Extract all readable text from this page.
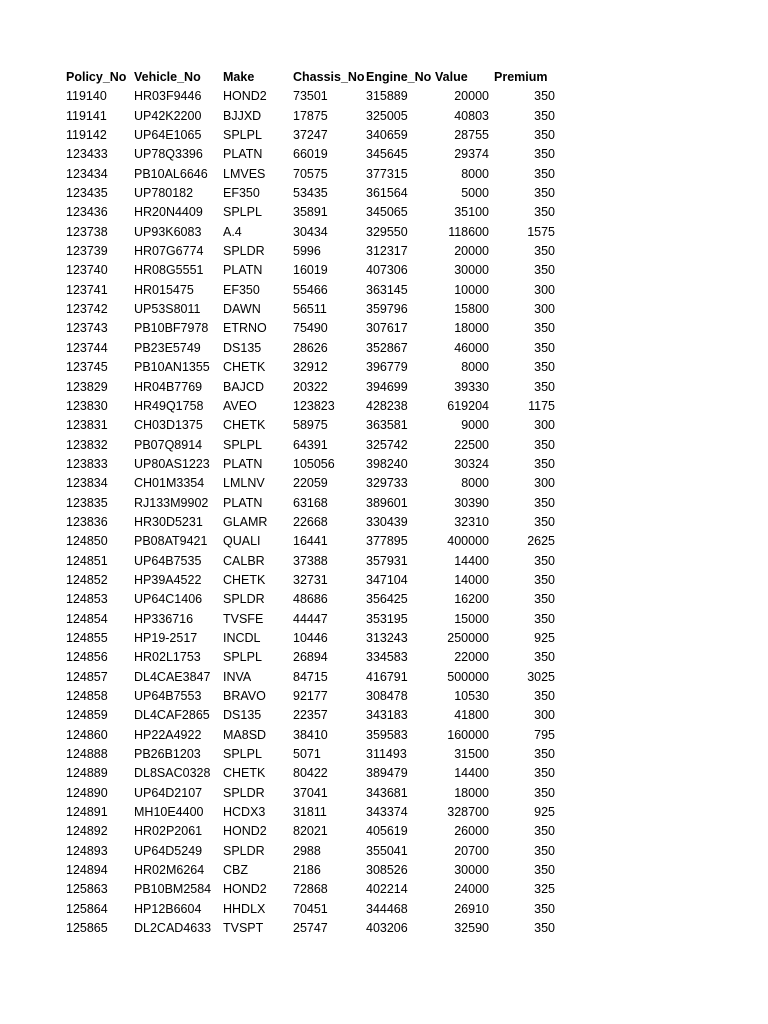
Policy_No	Vehicle_No	Make	Chassis_No	Engine_No	Value	Premium
119140	HR03F9446	HOND2	73501	315889	20000	350
119141	UP42K2200	BJJXD	17875	325005	40803	350
119142	UP64E1065	SPLPL	37247	340659	28755	350
123433	UP78Q3396	PLATN	66019	345645	29374	350
123434	PB10AL6646	LMVES	70575	377315	8000	350
123435	UP780182	EF350	53435	361564	5000	350
123436	HR20N4409	SPLPL	35891	345065	35100	350
123738	UP93K6083	A.4	30434	329550	118600	1575
123739	HR07G6774	SPLDR	5996	312317	20000	350
123740	HR08G5551	PLATN	16019	407306	30000	350
123741	HR015475	EF350	55466	363145	10000	300
123742	UP53S8011	DAWN	56511	359796	15800	300
123743	PB10BF7978	ETRNO	75490	307617	18000	350
123744	PB23E5749	DS135	28626	352867	46000	350
123745	PB10AN1355	CHETK	32912	396779	8000	350
123829	HR04B7769	BAJCD	20322	394699	39330	350
123830	HR49Q1758	AVEO	123823	428238	619204	1175
123831	CH03D1375	CHETK	58975	363581	9000	300
123832	PB07Q8914	SPLPL	64391	325742	22500	350
123833	UP80AS1223	PLATN	105056	398240	30324	350
123834	CH01M3354	LMLNV	22059	329733	8000	300
123835	RJ133M9902	PLATN	63168	389601	30390	350
123836	HR30D5231	GLAMR	22668	330439	32310	350
124850	PB08AT9421	QUALI	16441	377895	400000	2625
124851	UP64B7535	CALBR	37388	357931	14400	350
124852	HP39A4522	CHETK	32731	347104	14000	350
124853	UP64C1406	SPLDR	48686	356425	16200	350
124854	HP336716	TVSFE	44447	353195	15000	350
124855	HP19-2517	INCDL	10446	313243	250000	925
124856	HR02L1753	SPLPL	26894	334583	22000	350
124857	DL4CAE3847	INVA	84715	416791	500000	3025
124858	UP64B7553	BRAVO	92177	308478	10530	350
124859	DL4CAF2865	DS135	22357	343183	41800	300
124860	HP22A4922	MA8SD	38410	359583	160000	795
124888	PB26B1203	SPLPL	5071	311493	31500	350
124889	DL8SAC0328	CHETK	80422	389479	14400	350
124890	UP64D2107	SPLDR	37041	343681	18000	350
124891	MH10E4400	HCDX3	31811	343374	328700	925
124892	HR02P2061	HOND2	82021	405619	26000	350
124893	UP64D5249	SPLDR	2988	355041	20700	350
124894	HR02M6264	CBZ	2186	308526	30000	350
125863	PB10BM2584	HOND2	72868	402214	24000	325
125864	HP12B6604	HHDLX	70451	344468	26910	350
125865	DL2CAD4633	TVSPT	25747	403206	32590	350
